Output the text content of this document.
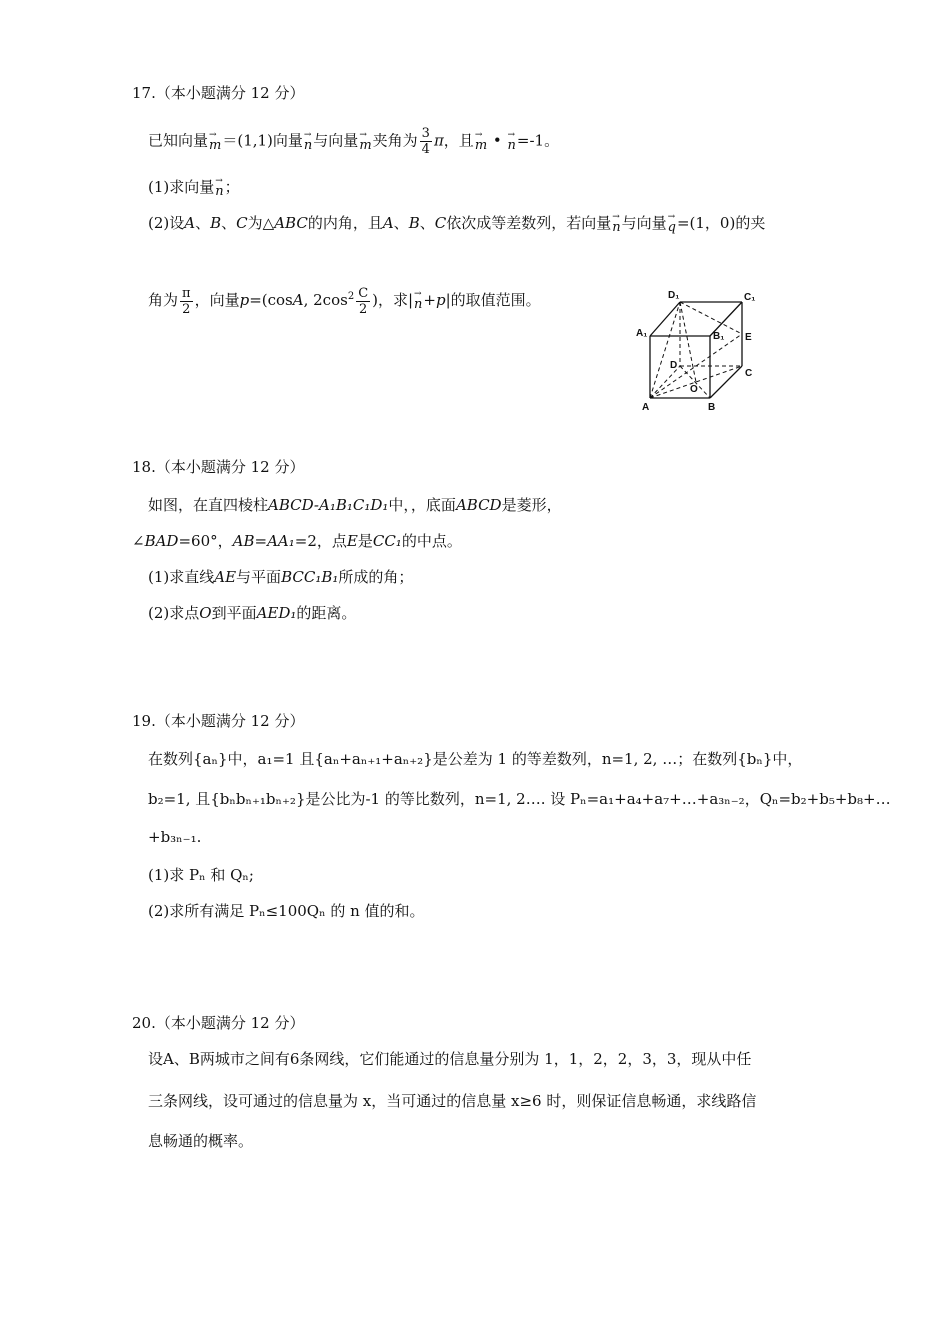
17.（本小题满分 12 分）
已知向量→ m＝(1,1)向量→ n与向量→ m夹角为 $\frac{3}{4}$ π，且→ m • → n=-1。
(1)求向量→ n；
(2)设A、B、C为△ABC的内角，且A、B、C依次成等差数列，若向量→ n与向量→ q=(1，0)的夹
角为 $\frac{\pi}{2}$ ，向量p=(cosA, $2\cos^2 \frac{C}{2}$ )，求|→ n+p|的取值范围。	D₁	C₁
A₁	B₁ E
D
O
C
A	B
18.（本小题满分 12 分）
如图，在直四棱柱ABCD-A₁B₁C₁D₁中，，底面ABCD是菱形，
∠BAD=60°，AB=AA₁=2，点E是CC₁的中点。
(1)求直线AE与平面BCC₁B₁所成的角；
(2)求点O到平面AED₁的距离。
19.（本小题满分 12 分）
在数列{aₙ}中，a₁=1 且{aₙ+aₙ₊₁+aₙ₊₂}是公差为 1 的等差数列，n=1, 2, …；在数列{bₙ}中，
b₂=1, 且{bₙbₙ₊₁bₙ₊₂}是公比为-1 的等比数列，n=1, 2…. 设 Pₙ=a₁+a₄+a₇+…+a₃ₙ₋₂，Qₙ=b₂+b₅+b₈+…
+b₃ₙ₋₁.
(1)求 Pₙ 和 Qₙ;
(2)求所有满足 Pₙ≤100Qₙ 的 n 值的和。
20.（本小题满分 12 分）
设A、B两城市之间有6条网线，它们能通过的信息量分别为 1，1，2，2，3，3，现从中任
三条网线，设可通过的信息量为 x，当可通过的信息量 x≥6 时，则保证信息畅通，求线路信
息畅通的概率。
